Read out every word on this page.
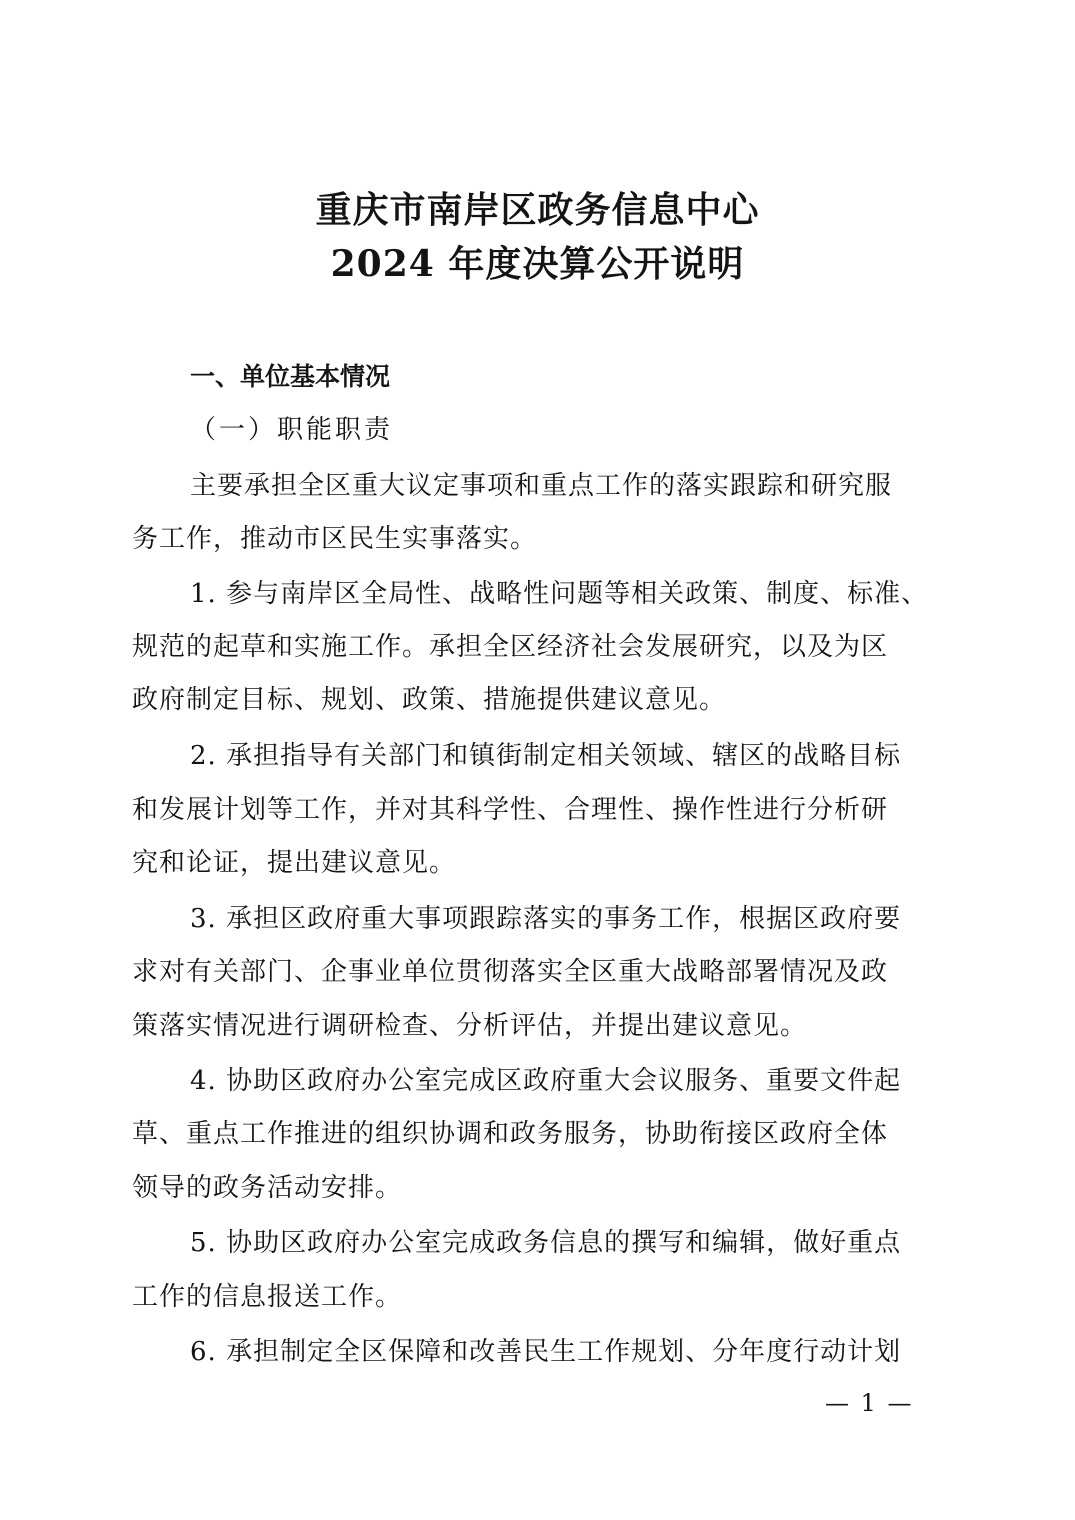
重庆市南岸区政务信息中心
2024 年度决算公开说明
一、单位基本情况
（一）职能职责
主要承担全区重大议定事项和重点工作的落实跟踪和研究服
务工作，推动市区民生实事落实。
1. 参与南岸区全局性、战略性问题等相关政策、制度、标准、
规范的起草和实施工作。承担全区经济社会发展研究，以及为区
政府制定目标、规划、政策、措施提供建议意见。
2. 承担指导有关部门和镇街制定相关领域、辖区的战略目标
和发展计划等工作，并对其科学性、合理性、操作性进行分析研
究和论证，提出建议意见。
3. 承担区政府重大事项跟踪落实的事务工作，根据区政府要
求对有关部门、企事业单位贯彻落实全区重大战略部署情况及政
策落实情况进行调研检查、分析评估，并提出建议意见。
4. 协助区政府办公室完成区政府重大会议服务、重要文件起
草、重点工作推进的组织协调和政务服务，协助衔接区政府全体
领导的政务活动安排。
5. 协助区政府办公室完成政务信息的撰写和编辑，做好重点
工作的信息报送工作。
6. 承担制定全区保障和改善民生工作规划、分年度行动计划
— 1 —
